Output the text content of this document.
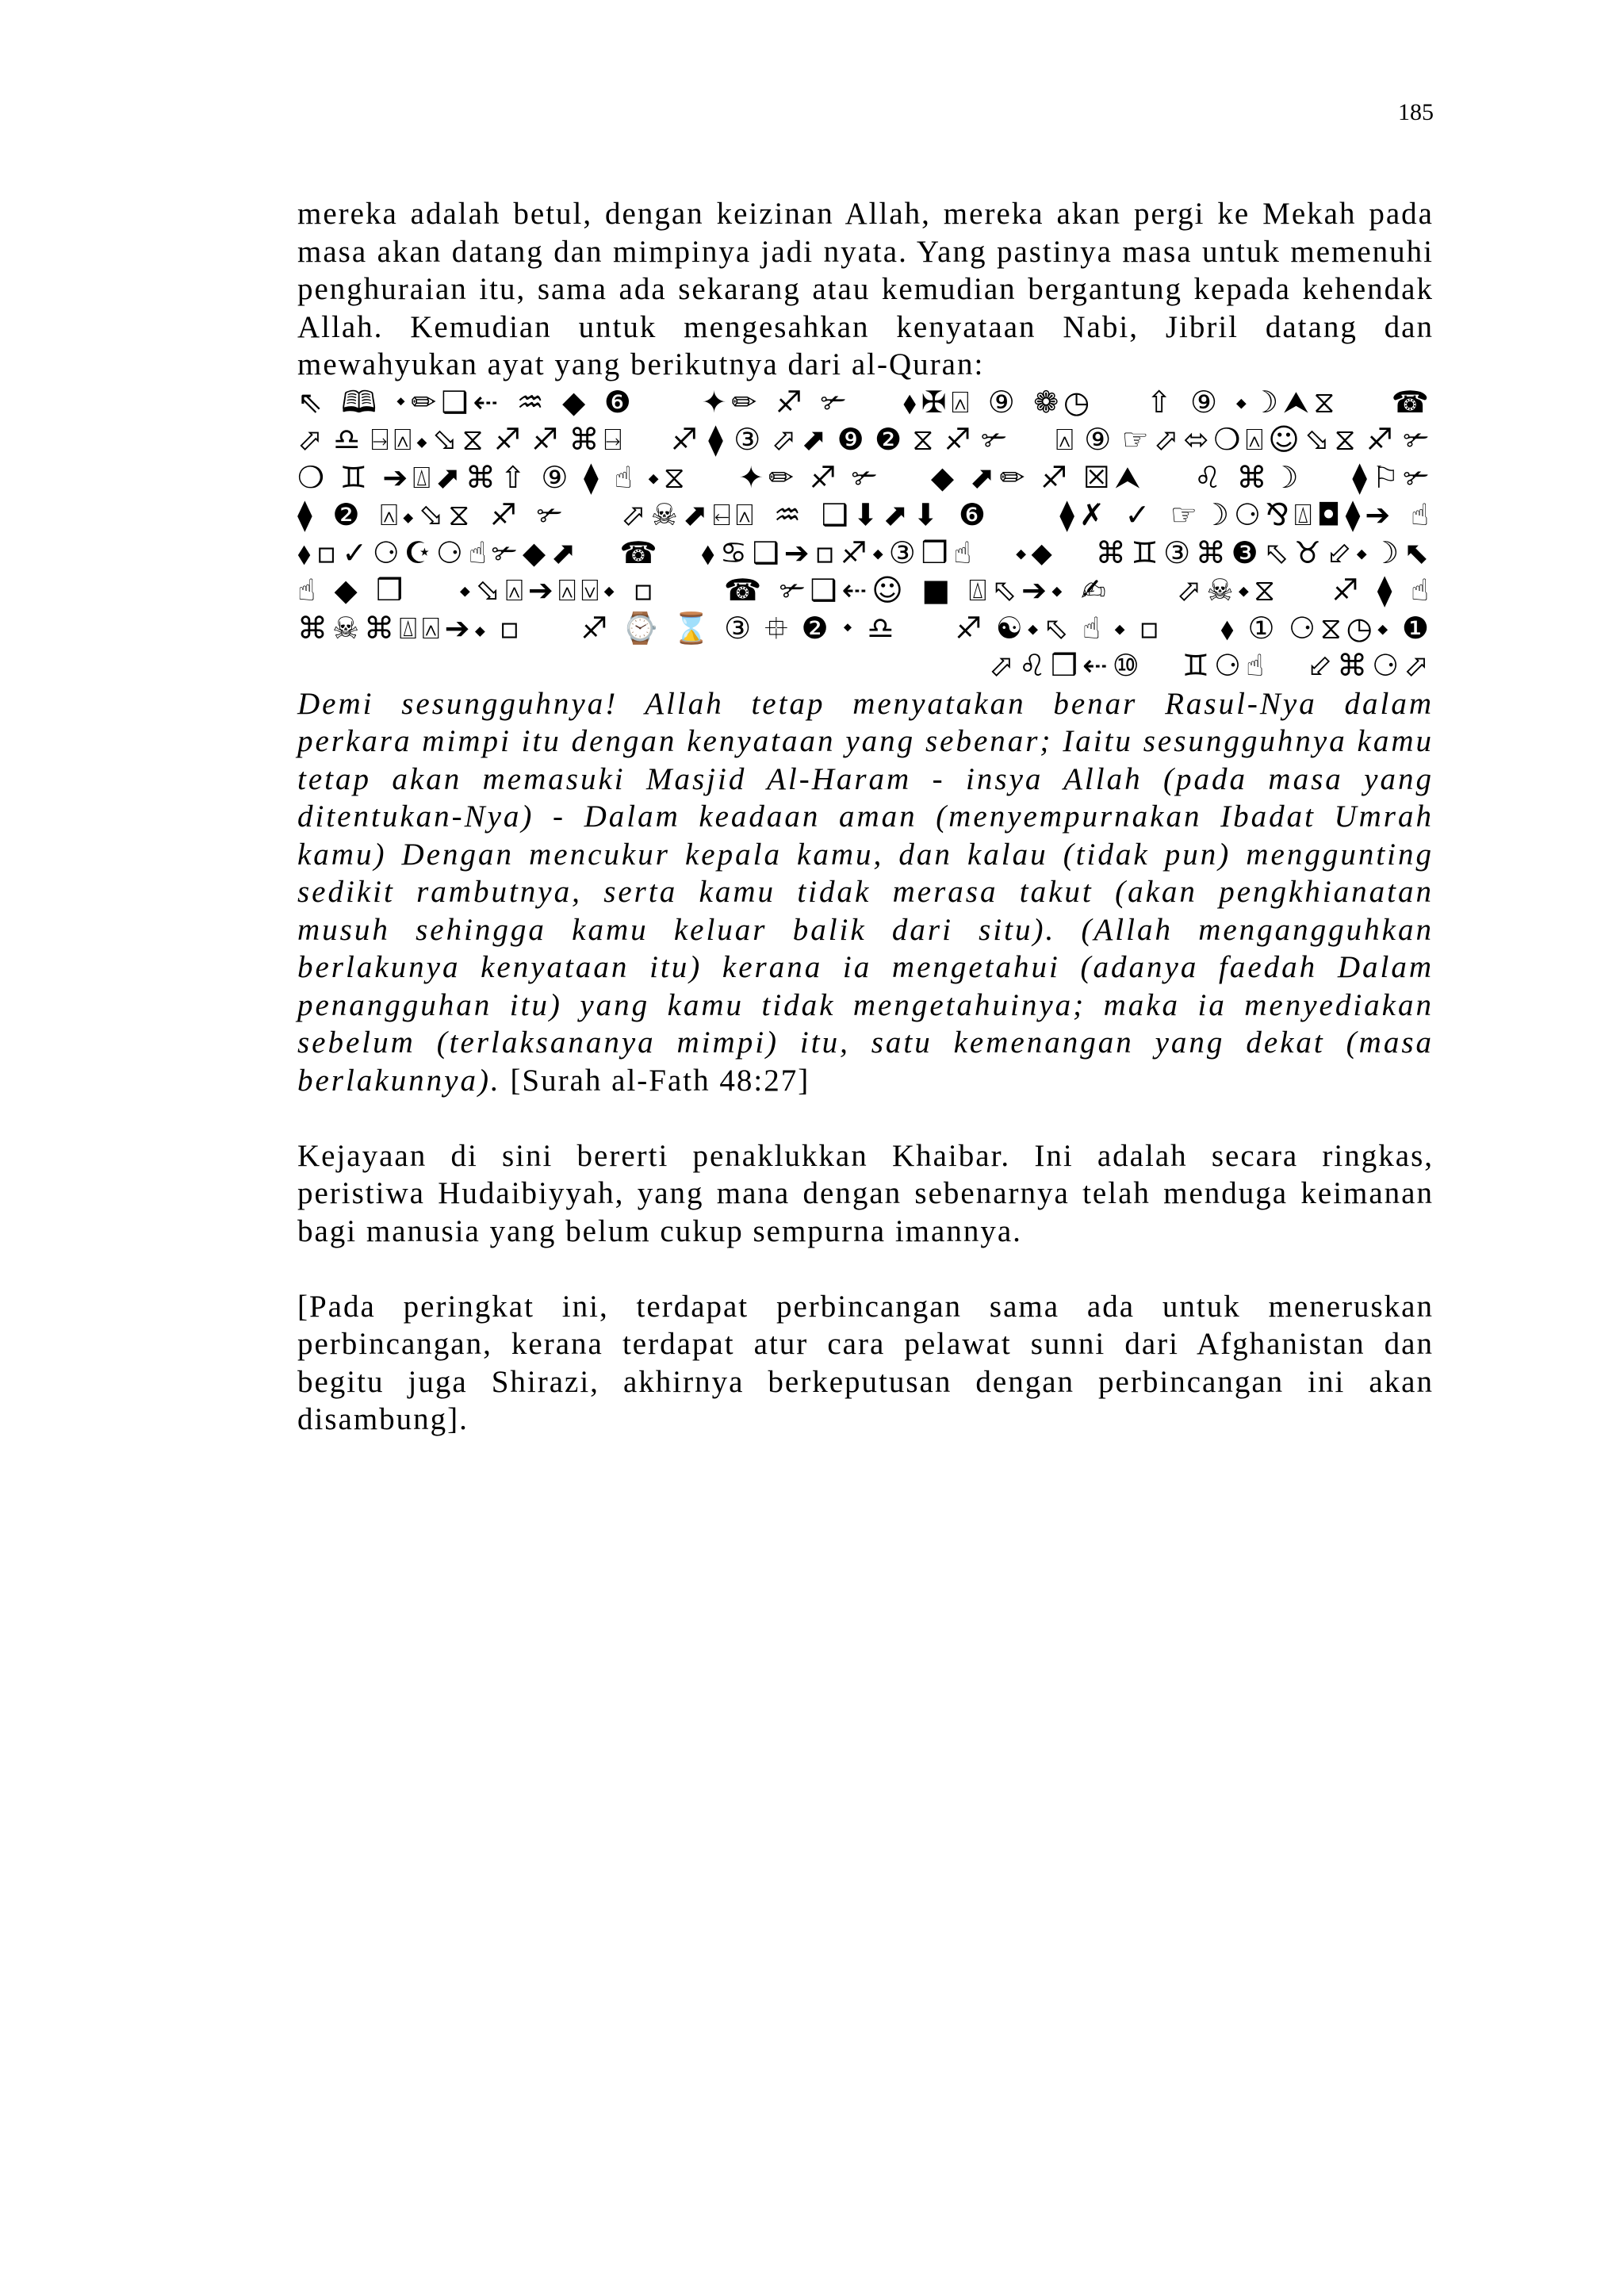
185

mereka adalah betul, dengan keizinan Allah, mereka akan pergi ke Mekah pada masa akan datang dan mimpinya jadi nyata. Yang pastinya masa untuk memenuhi penghuraian itu, sama ada sekarang atau kemudian bergantung kepada kehendak Allah. Kemudian untuk mengesahkan kenyataan Nabi, Jibril datang dan mewahyukan ayat yang berikutnya dari al-Quran:

⇖🕮⬩✏❑⇠♒◆❻ ✦✏♐✃ ⬧✠⍓⑨❁◷ ⇧⑨⬩☽⮝⧖ ☎ ⬀♎⍈⍓⬩⬂⧖♐♐⌘⍈ ♐⧫③⬀⬈❾❷⧖♐✃ ⍓⑨☞⬀⬄❍⍓☺⬂⧖♐✃ ❍♊➔⍍⬈⌘⇧⑨⧫☝⬩⧖ ✦✏♐✃ ◆⬈✏♐☒⮝ ♌⌘☽ ⧫⚐✃⧫❷⍓⬩⬂⧖♐✃ ⬀☠⬈⍇⍓♒❑⬇⬈⬇❻ ⧫✗✓☞☽⚆⅋⍍◘⧫➔☝ ⬧▫✓⚆☪⚆☝✃◆⬈ ☎ ⬧♋❑➔▫♐⬩③❒☝ ⬩⬥ ⌘♊③⌘❸⬁♉⬃⬩☽⬉☝◆❒ ⬩⬂⍓➔⍓⍌⬩▫ ☎✃❑⇠☺■⍍⬁➔⬩✍ ⬀☠⬩⧖ ♐⧫☝ ⌘☠⌘⍍⍓➔⬩▫ ♐⌚⌛③⯐❷⬩♎ ♐☯⬩⬁☝⬩▫ ⬧①⚆⧖◷⬩❶ ⬀♌❒⇠⑩ ♊⚆☝ ⬃⌘⚆⬀

Demi sesungguhnya! Allah tetap menyatakan benar Rasul-Nya dalam perkara mimpi itu dengan kenyataan yang sebenar; Iaitu sesungguhnya kamu tetap akan memasuki Masjid Al-Haram - insya Allah (pada masa yang ditentukan-Nya) - Dalam keadaan aman (menyempurnakan Ibadat Umrah kamu) Dengan mencukur kepala kamu, dan kalau (tidak pun) menggunting sedikit rambutnya, serta kamu tidak merasa takut (akan pengkhianatan musuh sehingga kamu keluar balik dari situ). (Allah mengangguhkan berlakunya kenyataan itu) kerana ia mengetahui (adanya faedah Dalam penangguhan itu) yang kamu tidak mengetahuinya; maka ia menyediakan sebelum (terlaksananya mimpi) itu, satu kemenangan yang dekat (masa berlakunnya). [Surah al-Fath 48:27]

Kejayaan di sini bererti penaklukkan Khaibar. Ini adalah secara ringkas, peristiwa Hudaibiyyah, yang mana dengan sebenarnya telah menduga keimanan bagi manusia yang belum cukup sempurna imannya.

[Pada peringkat ini, terdapat perbincangan sama ada untuk meneruskan perbincangan, kerana terdapat atur cara pelawat sunni dari Afghanistan dan begitu juga Shirazi, akhirnya berkeputusan dengan perbincangan ini akan disambung].
